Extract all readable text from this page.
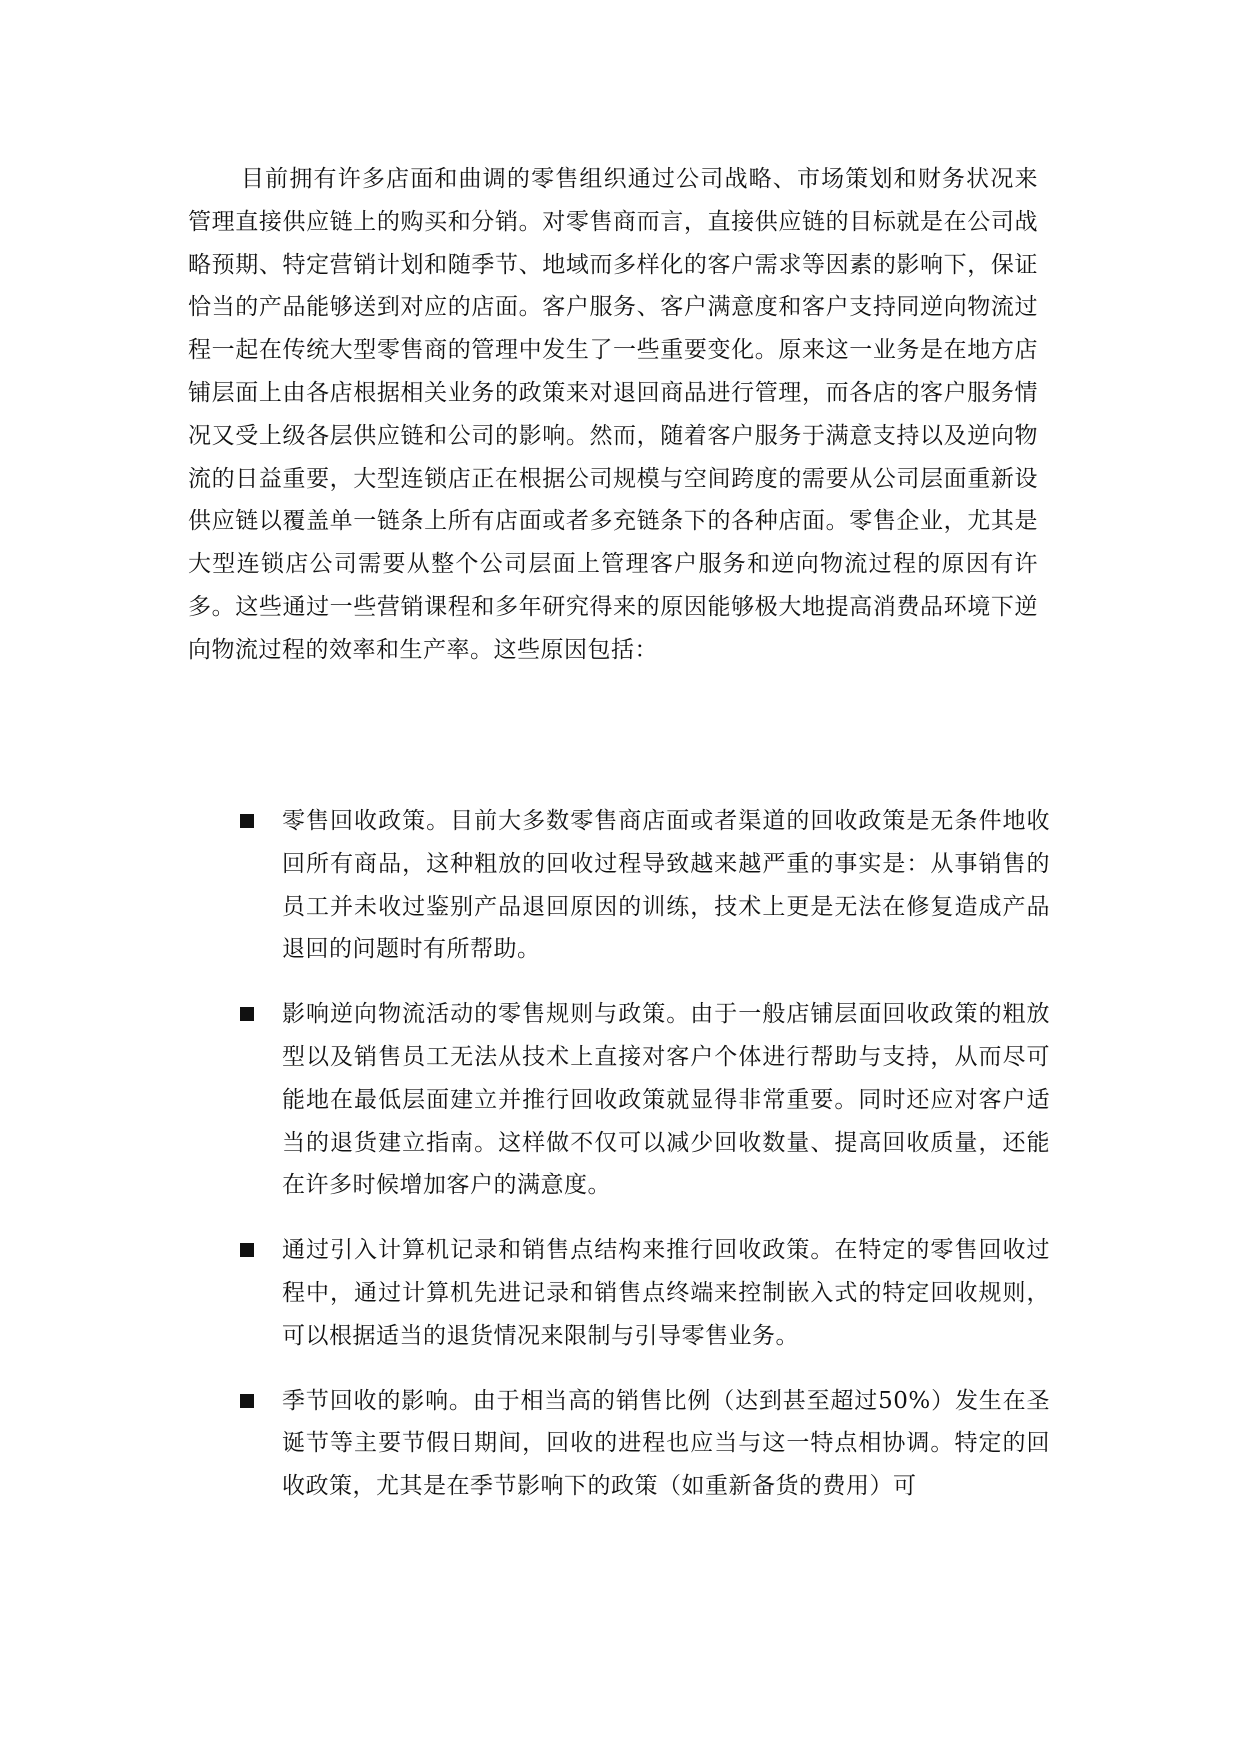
目前拥有许多店面和曲调的零售组织通过公司战略、市场策划和财务状况来管理直接供应链上的购买和分销。对零售商而言，直接供应链的目标就是在公司战略预期、特定营销计划和随季节、地域而多样化的客户需求等因素的影响下，保证恰当的产品能够送到对应的店面。客户服务、客户满意度和客户支持同逆向物流过程一起在传统大型零售商的管理中发生了一些重要变化。原来这一业务是在地方店铺层面上由各店根据相关业务的政策来对退回商品进行管理，而各店的客户服务情况又受上级各层供应链和公司的影响。然而，随着客户服务于满意支持以及逆向物流的日益重要，大型连锁店正在根据公司规模与空间跨度的需要从公司层面重新设供应链以覆盖单一链条上所有店面或者多充链条下的各种店面。零售企业，尤其是大型连锁店公司需要从整个公司层面上管理客户服务和逆向物流过程的原因有许多。这些通过一些营销课程和多年研究得来的原因能够极大地提高消费品环境下逆向物流过程的效率和生产率。这些原因包括：

零售回收政策。目前大多数零售商店面或者渠道的回收政策是无条件地收回所有商品，这种粗放的回收过程导致越来越严重的事实是：从事销售的员工并未收过鉴别产品退回原因的训练，技术上更是无法在修复造成产品退回的问题时有所帮助。
影响逆向物流活动的零售规则与政策。由于一般店铺层面回收政策的粗放型以及销售员工无法从技术上直接对客户个体进行帮助与支持，从而尽可能地在最低层面建立并推行回收政策就显得非常重要。同时还应对客户适当的退货建立指南。这样做不仅可以减少回收数量、提高回收质量，还能在许多时候增加客户的满意度。
通过引入计算机记录和销售点结构来推行回收政策。在特定的零售回收过程中，通过计算机先进记录和销售点终端来控制嵌入式的特定回收规则，可以根据适当的退货情况来限制与引导零售业务。
季节回收的影响。由于相当高的销售比例（达到甚至超过50%）发生在圣诞节等主要节假日期间，回收的进程也应当与这一特点相协调。特定的回收政策，尤其是在季节影响下的政策（如重新备货的费用）可
